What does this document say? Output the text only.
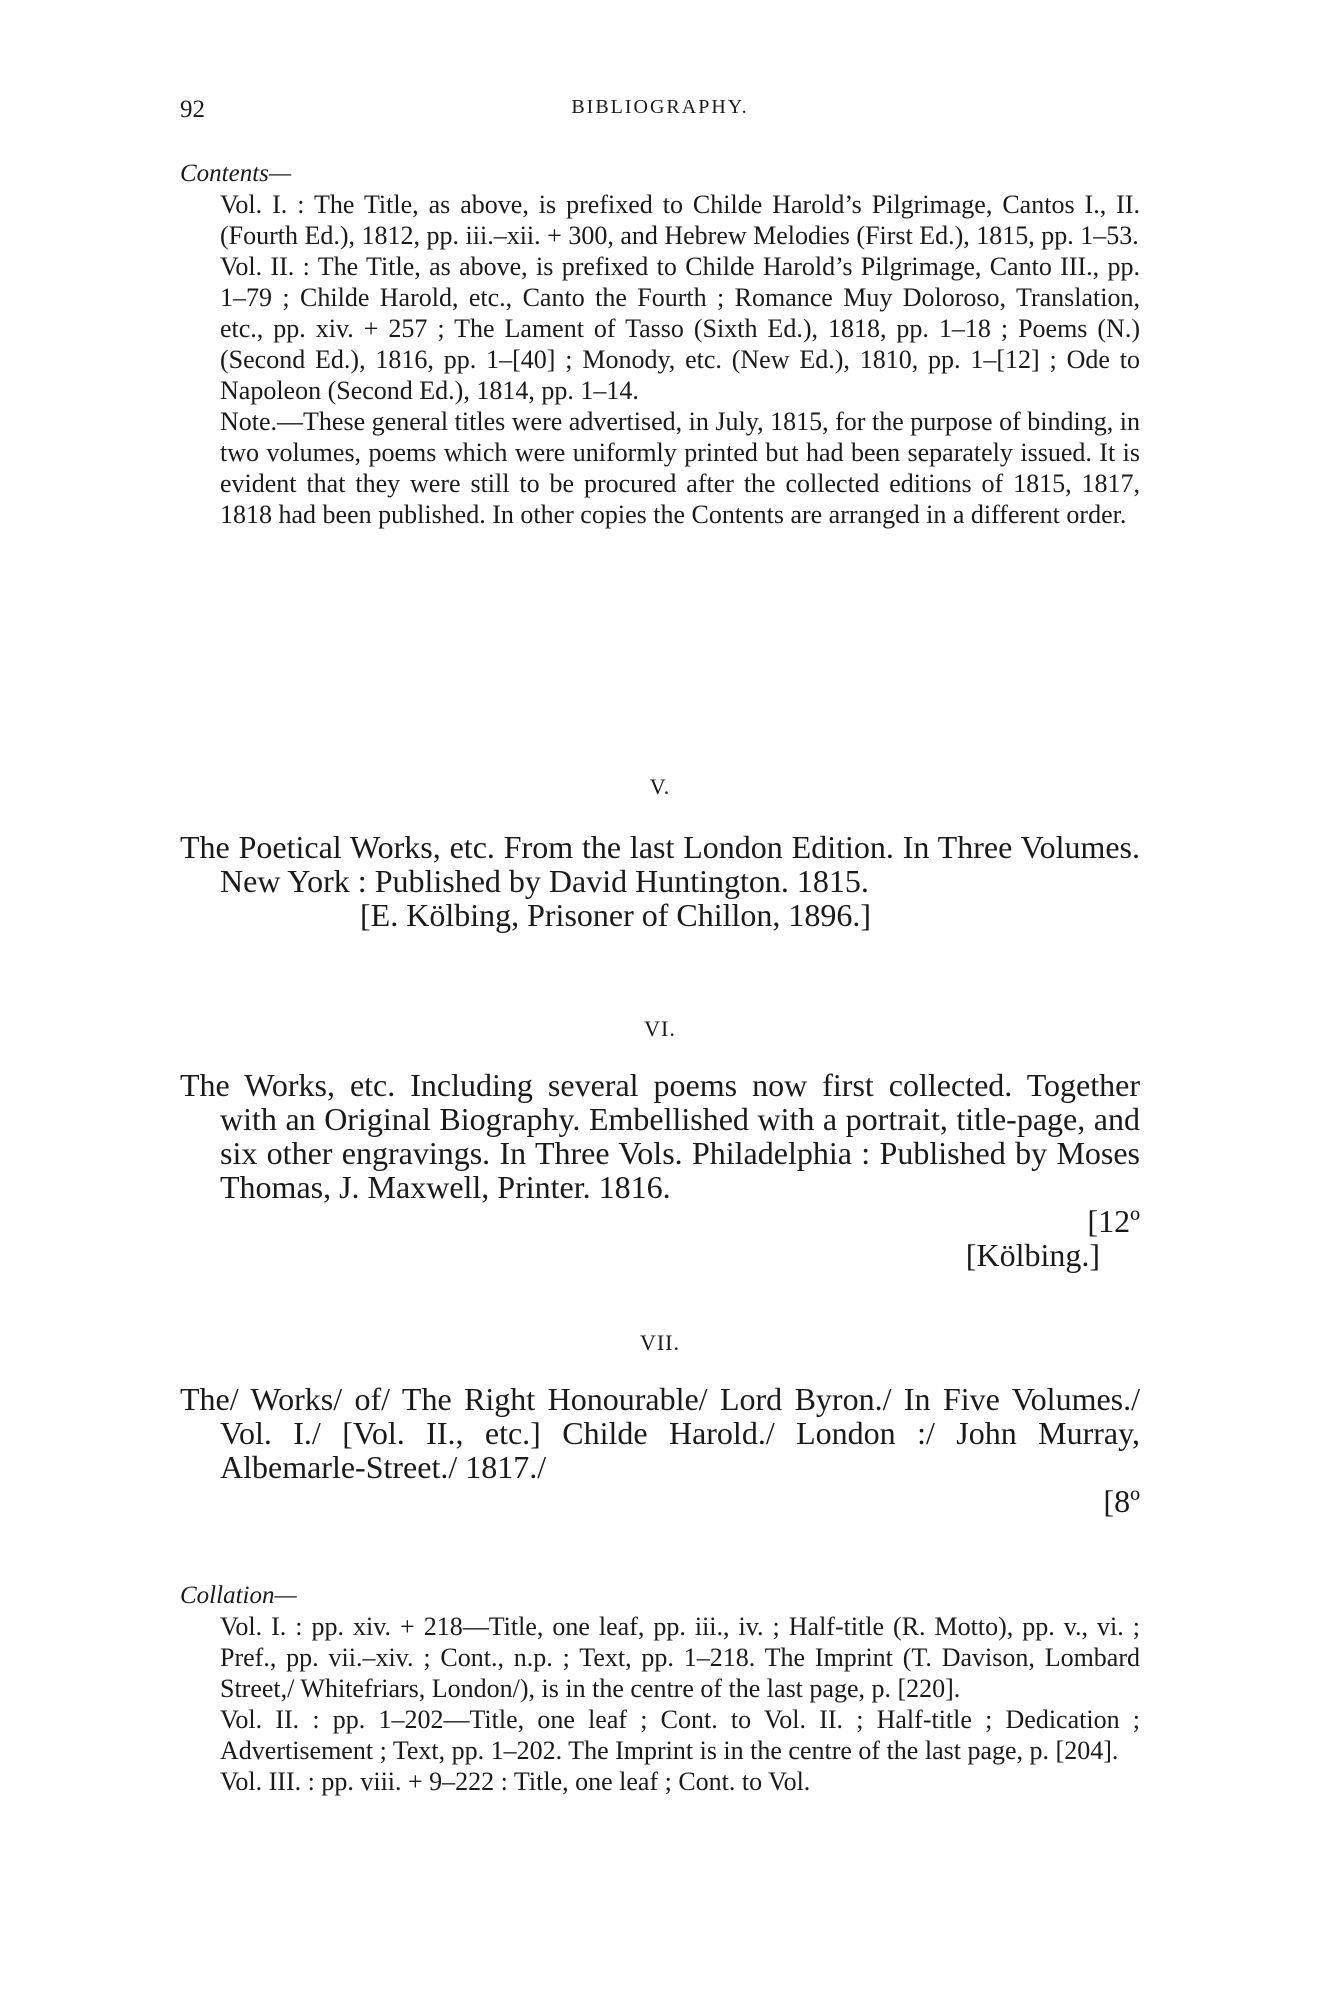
92	BIBLIOGRAPHY.

Contents—

Vol. I. : The Title, as above, is prefixed to Childe Harold’s Pilgrimage, Cantos I., II. (Fourth Ed.), 1812, pp. iii.–xii. + 300, and Hebrew Melodies (First Ed.), 1815, pp. 1–53.

Vol. II. : The Title, as above, is prefixed to Childe Harold’s Pilgrimage, Canto III., pp. 1–79 ; Childe Harold, etc., Canto the Fourth ; Romance Muy Doloroso, Translation, etc., pp. xiv. + 257 ; The Lament of Tasso (Sixth Ed.), 1818, pp. 1–18 ; Poems (N.) (Second Ed.), 1816, pp. 1–[40] ; Monody, etc. (New Ed.), 1810, pp. 1–[12] ; Ode to Napoleon (Second Ed.), 1814, pp. 1–14.

Note.—These general titles were advertised, in July, 1815, for the purpose of binding, in two volumes, poems which were uniformly printed but had been separately issued. It is evident that they were still to be procured after the collected editions of 1815, 1817, 1818 had been published. In other copies the Contents are arranged in a different order.

V.

The Poetical Works, etc. From the last London Edition. In Three Volumes. New York : Published by David Huntington. 1815.

[E. Kölbing, Prisoner of Chillon, 1896.]
VI.

The Works, etc. Including several poems now first collected. Together with an Original Biography. Embellished with a portrait, title-page, and six other engravings. In Three Vols. Philadelphia : Published by Moses Thomas, J. Maxwell, Printer. 1816.

[12º
[Kölbing.]
VII.

The/ Works/ of/ The Right Honourable/ Lord Byron./ In Five Volumes./ Vol. I./ [Vol. II., etc.] Childe Harold./ London :/ John Murray, Albemarle-Street./ 1817./

[8º

Collation—

Vol. I. : pp. xiv. + 218—Title, one leaf, pp. iii., iv. ; Half-title (R. Motto), pp. v., vi. ; Pref., pp. vii.–xiv. ; Cont., n.p. ; Text, pp. 1–218. The Imprint (T. Davison, Lombard Street,/ Whitefriars, London/), is in the centre of the last page, p. [220].

Vol. II. : pp. 1–202—Title, one leaf ; Cont. to Vol. II. ; Half-title ; Dedication ; Advertisement ; Text, pp. 1–202. The Imprint is in the centre of the last page, p. [204].

Vol. III. : pp. viii. + 9–222 : Title, one leaf ; Cont. to Vol.
